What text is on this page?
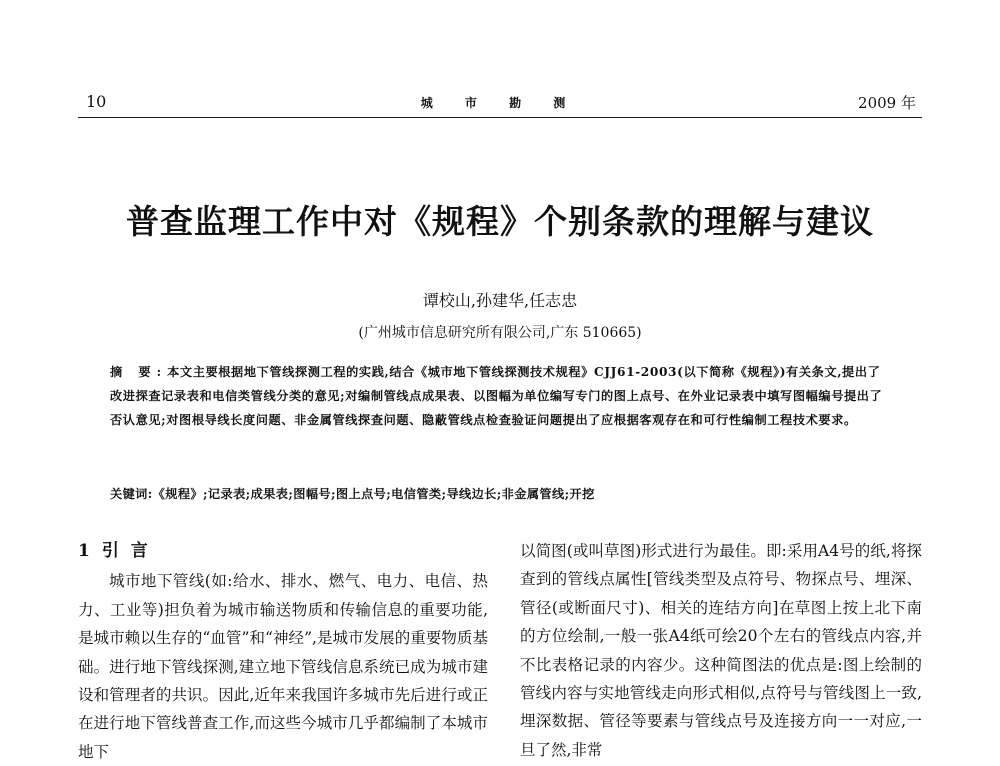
10	城 市 勘 测	2009 年
普查监理工作中对《规程》个别条款的理解与建议
谭校山,孙建华,任志忠
(广州城市信息研究所有限公司,广东 510665)
摘 要:本文主要根据地下管线探测工程的实践,结合《城市地下管线探测技术规程》CJJ61-2003(以下简称《规程》)有关条文,提出了改进探查记录表和电信类管线分类的意见;对编制管线点成果表、以图幅为单位编写专门的图上点号、在外业记录表中填写图幅编号提出了否认意见;对图根导线长度问题、非金属管线探查问题、隐蔽管线点检查验证问题提出了应根据客观存在和可行性编制工程技术要求。
关键词:《规程》;记录表;成果表;图幅号;图上点号;电信管类;导线边长;非金属管线;开挖
1 引 言

城市地下管线(如:给水、排水、燃气、电力、电信、热力、工业等)担负着为城市输送物质和传输信息的重要功能,是城市赖以生存的“血管”和“神经”,是城市发展的重要物质基础。进行地下管线探测,建立地下管线信息系统已成为城市建设和管理者的共识。因此,近年来我国许多城市先后进行或正在进行地下管线普查工作,而这些今城市几乎都编制了本城市地下

以简图(或叫草图)形式进行为最佳。即:采用A4号的纸,将探查到的管线点属性[管线类型及点符号、物探点号、埋深、管径(或断面尺寸)、相关的连结方向]在草图上按上北下南的方位绘制,一般一张A4纸可绘20个左右的管线点内容,并不比表格记录的内容少。这种简图法的优点是:图上绘制的管线内容与实地管线走向形式相似,点符号与管线图上一致,埋深数据、管径等要素与管线点号及连接方向一一对应,一旦了然,非常
